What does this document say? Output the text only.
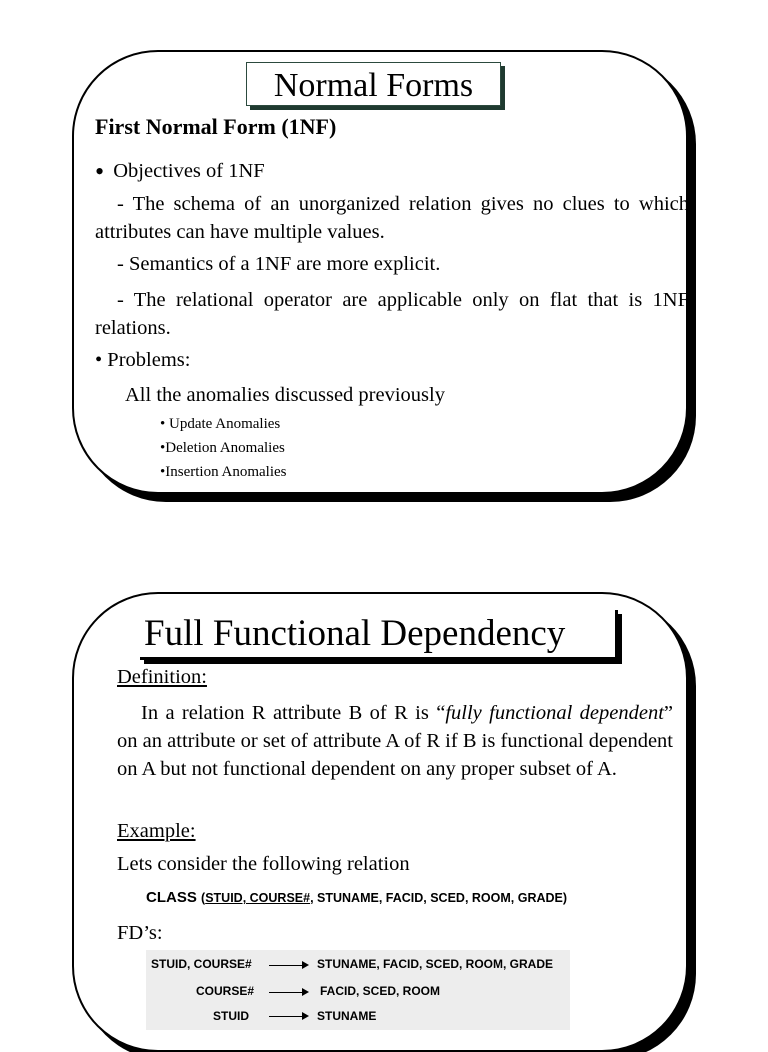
Normal Forms
First Normal Form (1NF)
• Objectives of 1NF
- The schema of an unorganized relation gives no clues to which attributes can have multiple values.
- Semantics of a 1NF are more explicit.
- The relational operator are applicable only on flat that is 1NF relations.
• Problems:
All the anomalies discussed previously
• Update Anomalies
•Deletion Anomalies
•Insertion Anomalies
Full Functional Dependency
Definition:
In a relation R attribute B of R is “fully functional dependent” on an attribute or set of attribute A of R if B is functional dependent on A but not functional dependent on any proper subset of A.
Example:
Lets consider the following relation
CLASS (STUID, COURSE#, STUNAME, FACID, SCED, ROOM, GRADE)
FD’s:
STUID, COURSE#	STUNAME, FACID, SCED, ROOM, GRADE
COURSE#	FACID, SCED, ROOM
STUID	STUNAME
